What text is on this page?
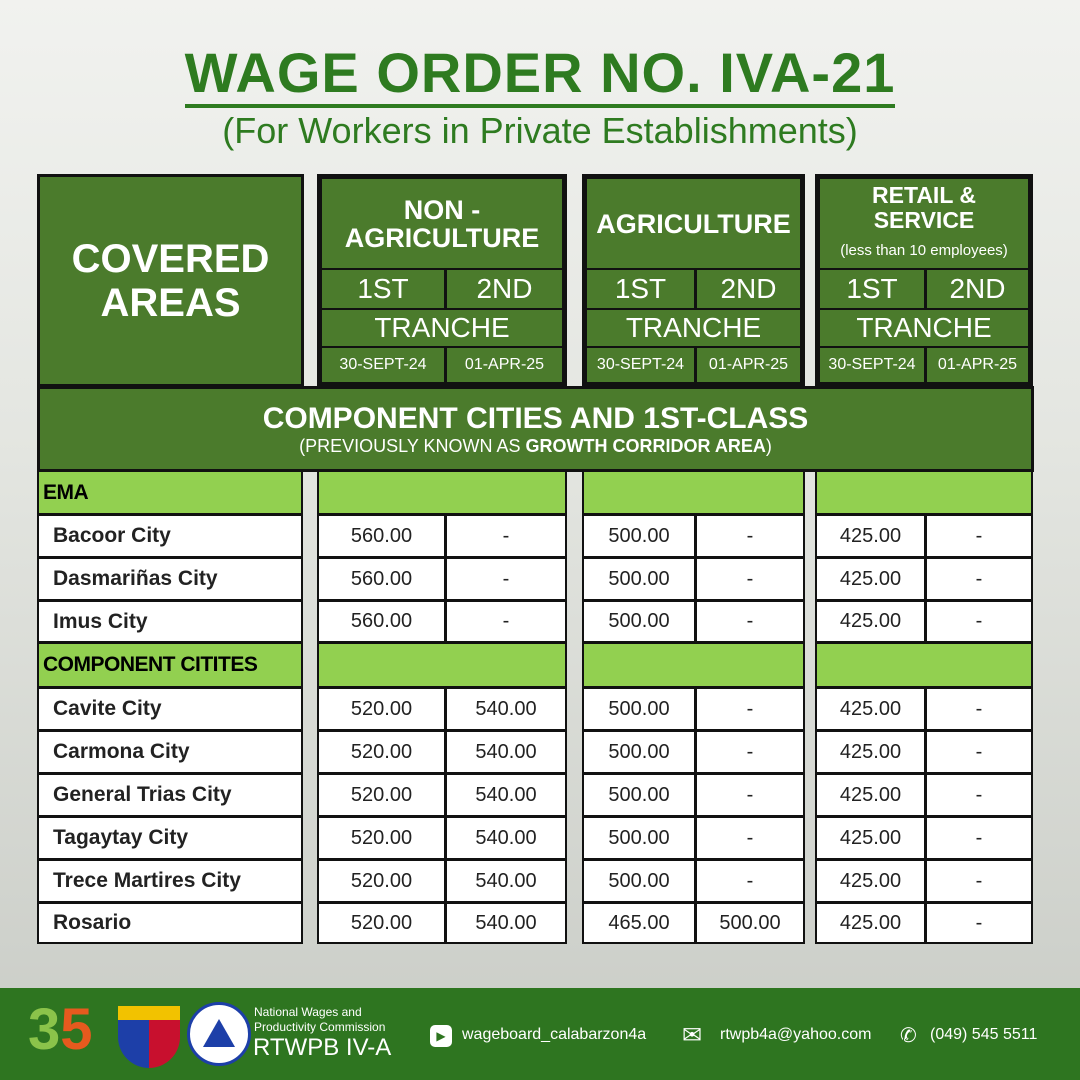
WAGE ORDER NO. IVA-21
(For Workers in Private Establishments)
COVERED AREAS
NON - AGRICULTURE
1ST	2ND
TRANCHE
30-SEPT-24	01-APR-25
AGRICULTURE
1ST	2ND
TRANCHE
30-SEPT-24	01-APR-25
RETAIL & SERVICE
(less than 10 employees)
1ST	2ND
TRANCHE
30-SEPT-24	01-APR-25
COMPONENT CITIES AND 1ST-CLASS
(PREVIOUSLY KNOWN AS GROWTH CORRIDOR AREA)
EMA
Bacoor City	560.00	-	500.00	-	425.00	-
Dasmariñas City	560.00	-	500.00	-	425.00	-
Imus City	560.00	-	500.00	-	425.00	-
COMPONENT CITITES
Cavite City	520.00	540.00	500.00	-	425.00	-
Carmona City	520.00	540.00	500.00	-	425.00	-
General Trias City	520.00	540.00	500.00	-	425.00	-
Tagaytay City	520.00	540.00	500.00	-	425.00	-
Trece Martires City	520.00	540.00	500.00	-	425.00	-
Rosario	520.00	540.00	465.00	500.00	425.00	-
35	National Wages and
Productivity Commission
RTWPB IV-A	▶	wageboard_calabarzon4a ✉ rtwpb4a@yahoo.com ✆ (049) 545 5511
